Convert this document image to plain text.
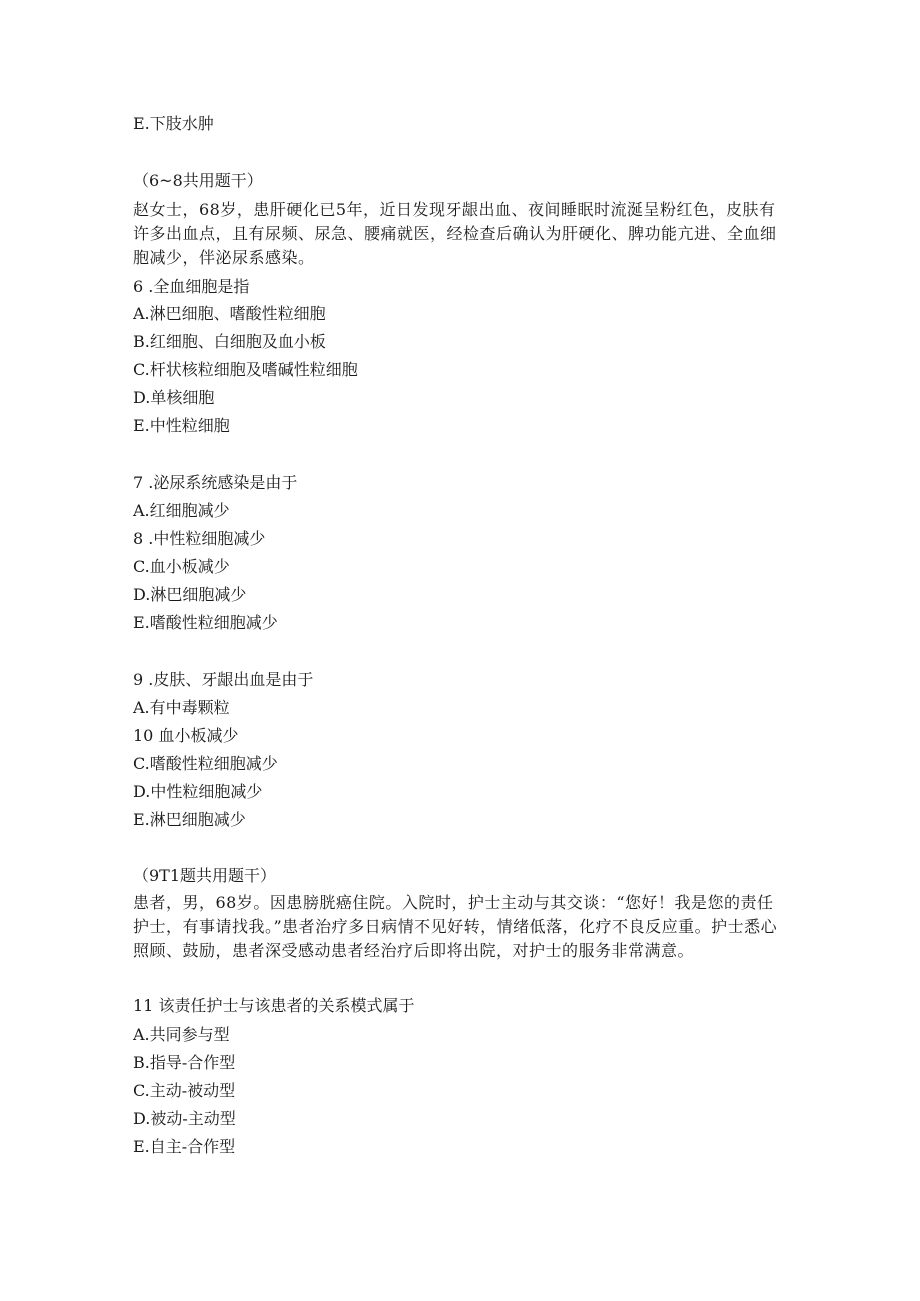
E.下肢水肿
（6~8共用题干）
赵女士，68岁，患肝硬化已5年，近日发现牙龈出血、夜间睡眠时流涎呈粉红色，皮肤有许多出血点，且有尿频、尿急、腰痛就医，经检查后确认为肝硬化、脾功能亢进、全血细胞减少，伴泌尿系感染。
6 .全血细胞是指
A.淋巴细胞、嗜酸性粒细胞
B.红细胞、白细胞及血小板
C.杆状核粒细胞及嗜碱性粒细胞
D.单核细胞
E.中性粒细胞
7 .泌尿系统感染是由于
A.红细胞减少
8 .中性粒细胞减少
C.血小板减少
D.淋巴细胞减少
E.嗜酸性粒细胞减少
9 .皮肤、牙龈出血是由于
A.有中毒颗粒
10 血小板减少
C.嗜酸性粒细胞减少
D.中性粒细胞减少
E.淋巴细胞减少
（9T1题共用题干）
患者，男，68岁。因患膀胱癌住院。入院时，护士主动与其交谈：“您好！我是您的责任护士，有事请找我。”患者治疗多日病情不见好转，情绪低落，化疗不良反应重。护士悉心照顾、鼓励，患者深受感动患者经治疗后即将出院，对护士的服务非常满意。
11 该责任护士与该患者的关系模式属于
A.共同参与型
B.指导-合作型
C.主动-被动型
D.被动-主动型
E.自主-合作型
